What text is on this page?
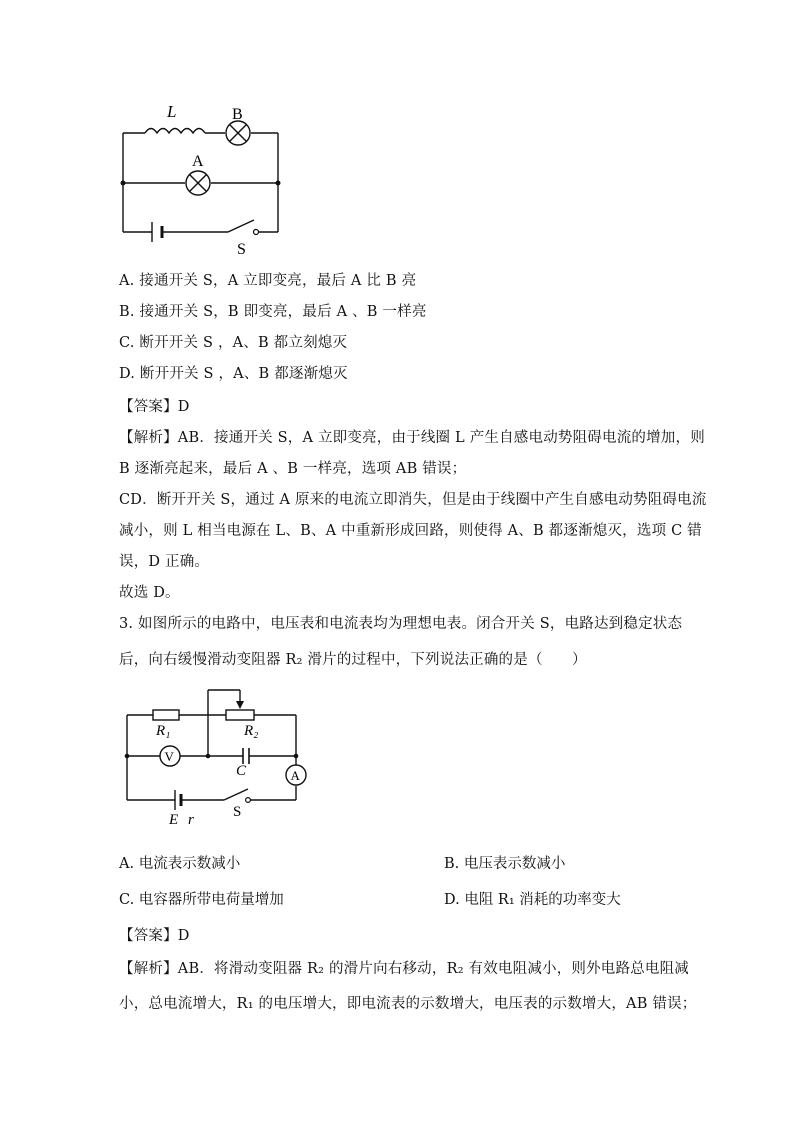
L	B
A
S
A. 接通开关 S，A 立即变亮，最后 A 比 B 亮
B. 接通开关 S，B 即变亮，最后 A 、B 一样亮
C. 断开开关 S ，A、B 都立刻熄灭
D. 断开开关 S ，A、B 都逐渐熄灭
【答案】D
【解析】AB．接通开关 S，A 立即变亮，由于线圈 L 产生自感电动势阻碍电流的增加，则
B 逐渐亮起来，最后 A 、B 一样亮，选项 AB 错误；
CD．断开开关 S，通过 A 原来的电流立即消失，但是由于线圈中产生自感电动势阻碍电流
减小，则 L 相当电源在 L、B、A 中重新形成回路，则使得 A、B 都逐渐熄灭，选项 C 错
误，D 正确。
故选 D。
3. 如图所示的电路中，电压表和电流表均为理想电表。闭合开关 S，电路达到稳定状态
后，向右缓慢滑动变阻器 R₂ 滑片的过程中，下列说法正确的是（　　）
V
A
R₁	R₂
C
E r	S
A. 电流表示数减小	B. 电压表示数减小
C. 电容器所带电荷量增加	D. 电阻 R₁ 消耗的功率变大
【答案】D
【解析】AB．将滑动变阻器 R₂ 的滑片向右移动，R₂ 有效电阻减小，则外电路总电阻减
小，总电流增大，R₁ 的电压增大，即电流表的示数增大，电压表的示数增大，AB 错误；
